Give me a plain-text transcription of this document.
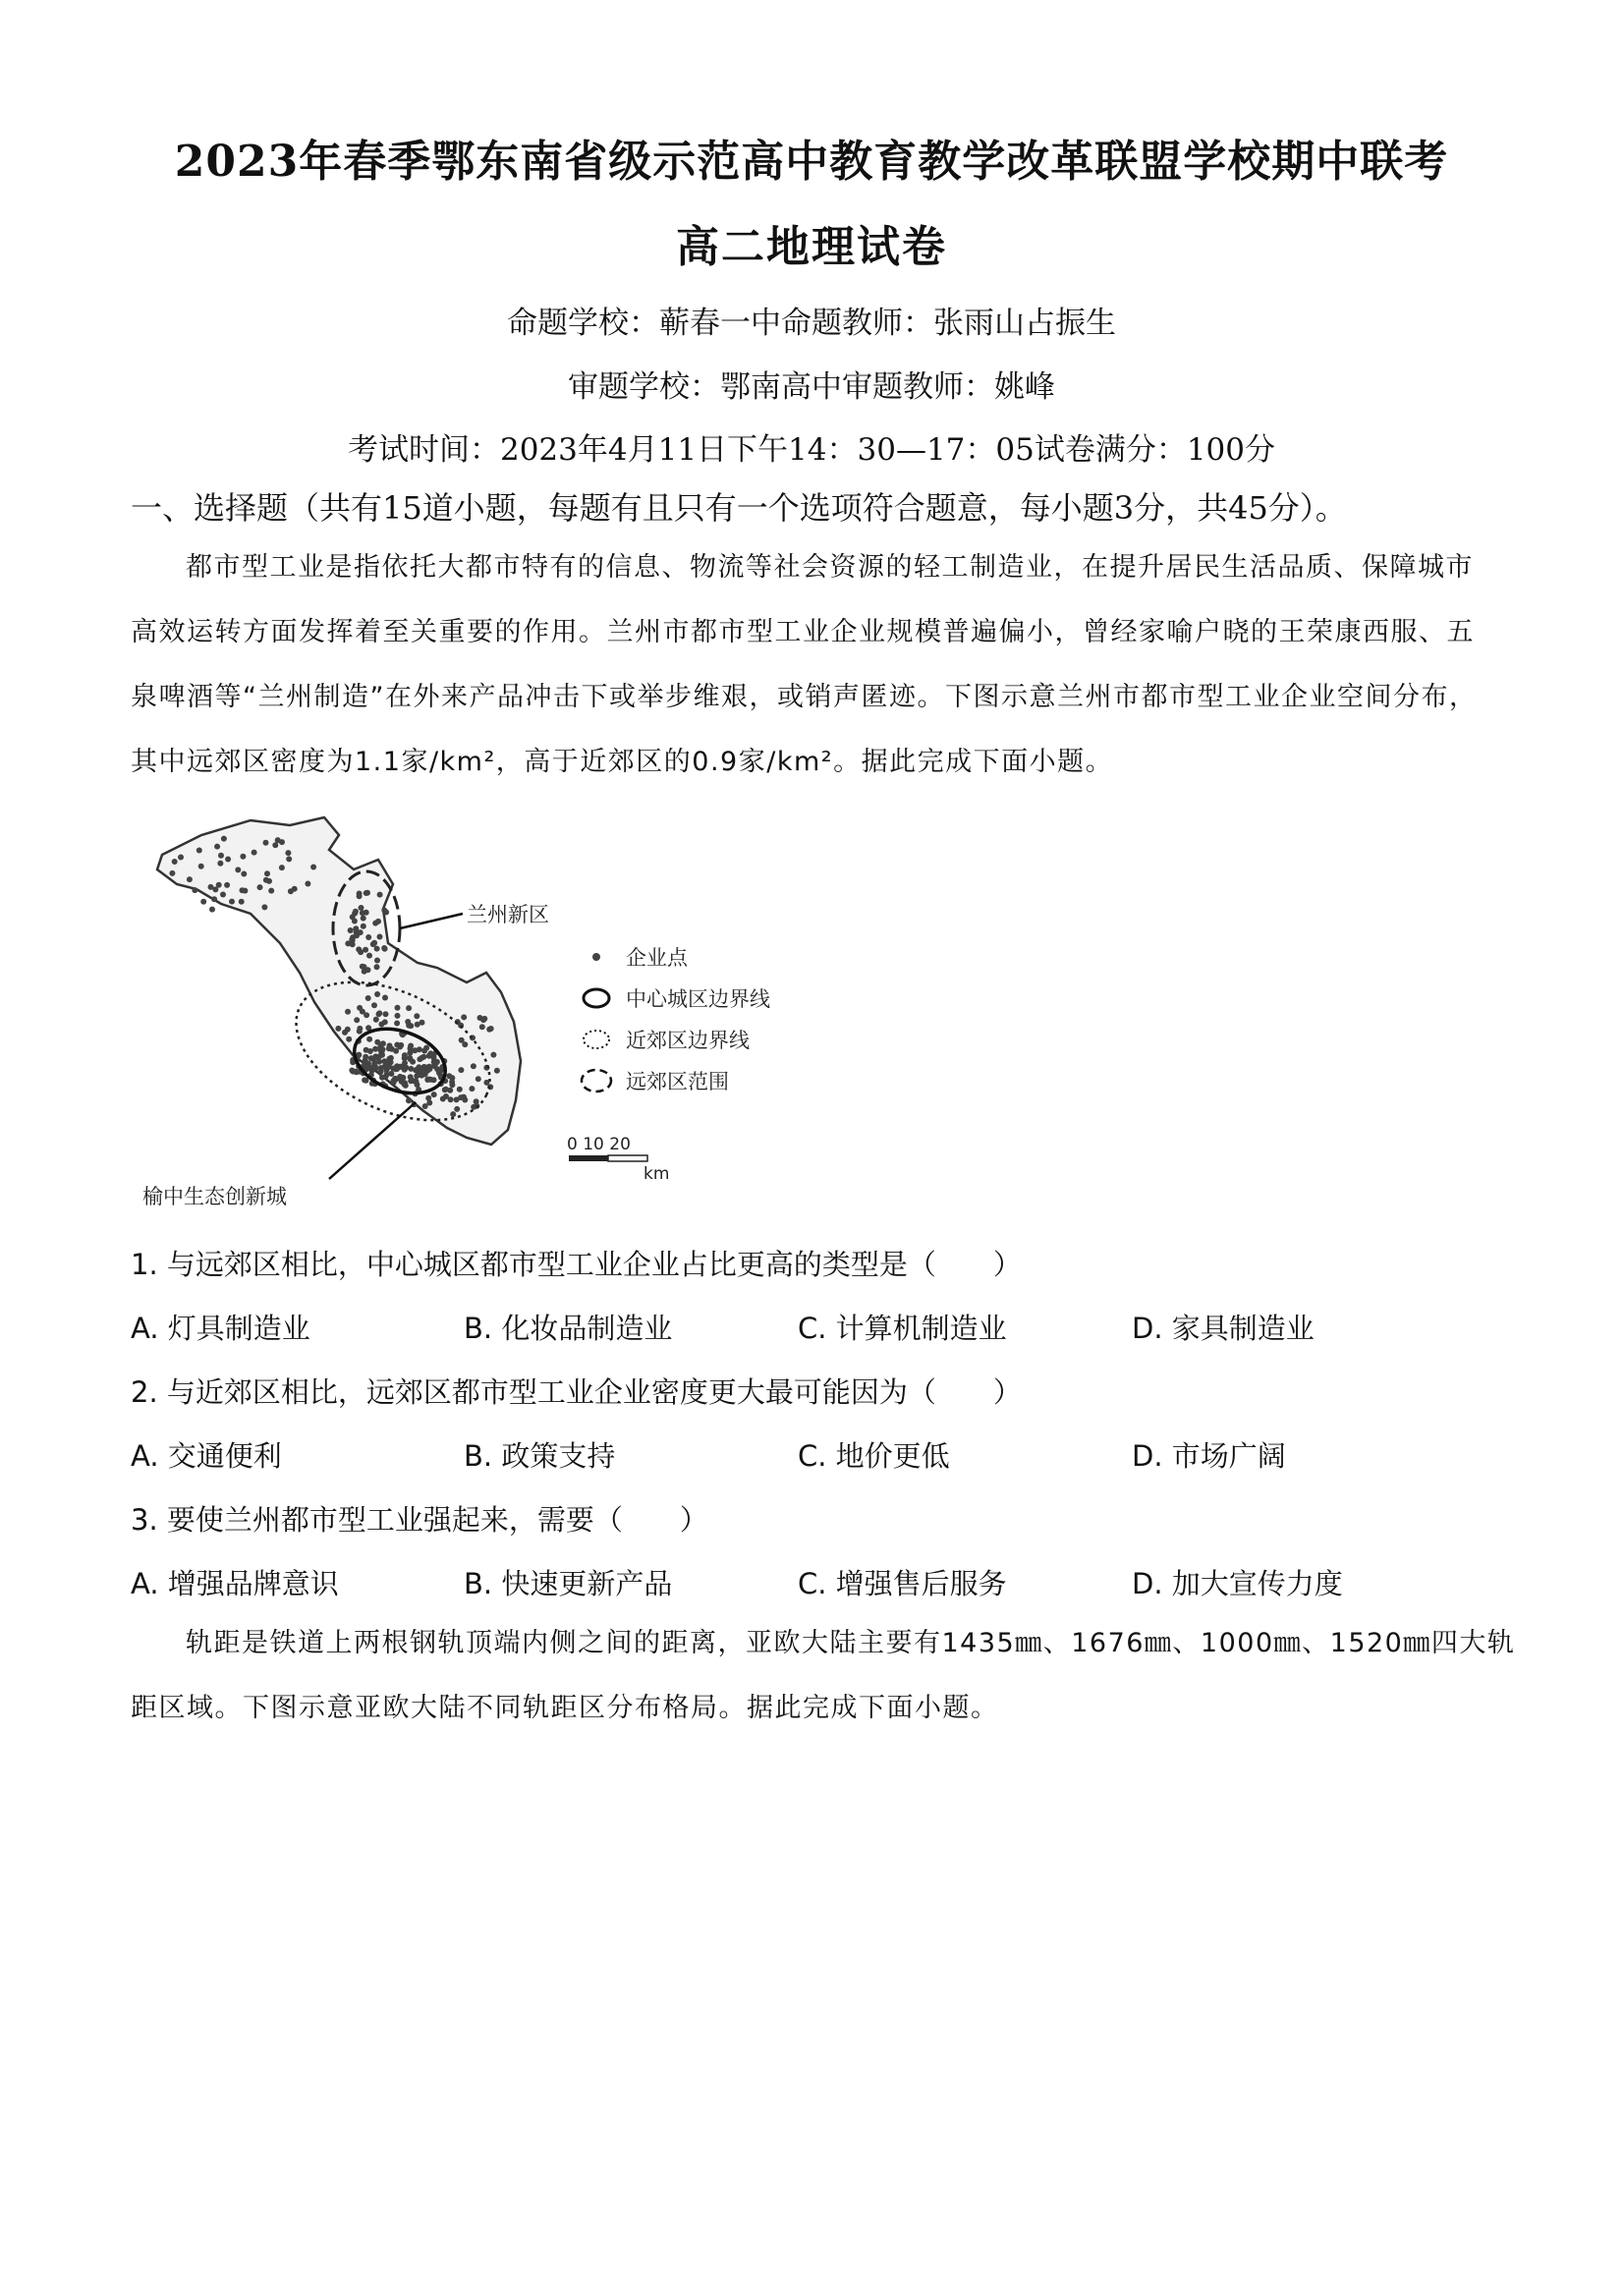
2023年春季鄂东南省级示范高中教育教学改革联盟学校期中联考
高二地理试卷
命题学校：蕲春一中命题教师：张雨山占振生
审题学校：鄂南高中审题教师：姚峰
考试时间：2023年4月11日下午14：30—17：05试卷满分：100分
一、选择题（共有15道小题，每题有且只有一个选项符合题意，每小题3分，共45分）。
都市型工业是指依托大都市特有的信息、物流等社会资源的轻工制造业，在提升居民生活品质、保障城市
高效运转方面发挥着至关重要的作用。兰州市都市型工业企业规模普遍偏小，曾经家喻户晓的王荣康西服、五
泉啤酒等“兰州制造”在外来产品冲击下或举步维艰，或销声匿迹。下图示意兰州市都市型工业企业空间分布，
其中远郊区密度为1.1家/km²，高于近郊区的0.9家/km²。据此完成下面小题。
兰州新区
榆中生态创新城
企业点
中心城区边界线
近郊区边界线
远郊区范围
0 10 20
km
1. 与远郊区相比，中心城区都市型工业企业占比更高的类型是（　　）
A. 灯具制造业	B. 化妆品制造业	C. 计算机制造业	D. 家具制造业
2. 与近郊区相比，远郊区都市型工业企业密度更大最可能因为（　　）
A. 交通便利	B. 政策支持	C. 地价更低	D. 市场广阔
3. 要使兰州都市型工业强起来，需要（　　）
A. 增强品牌意识	B. 快速更新产品	C. 增强售后服务	D. 加大宣传力度
轨距是铁道上两根钢轨顶端内侧之间的距离，亚欧大陆主要有1435㎜、1676㎜、1000㎜、1520㎜四大轨
距区域。下图示意亚欧大陆不同轨距区分布格局。据此完成下面小题。
